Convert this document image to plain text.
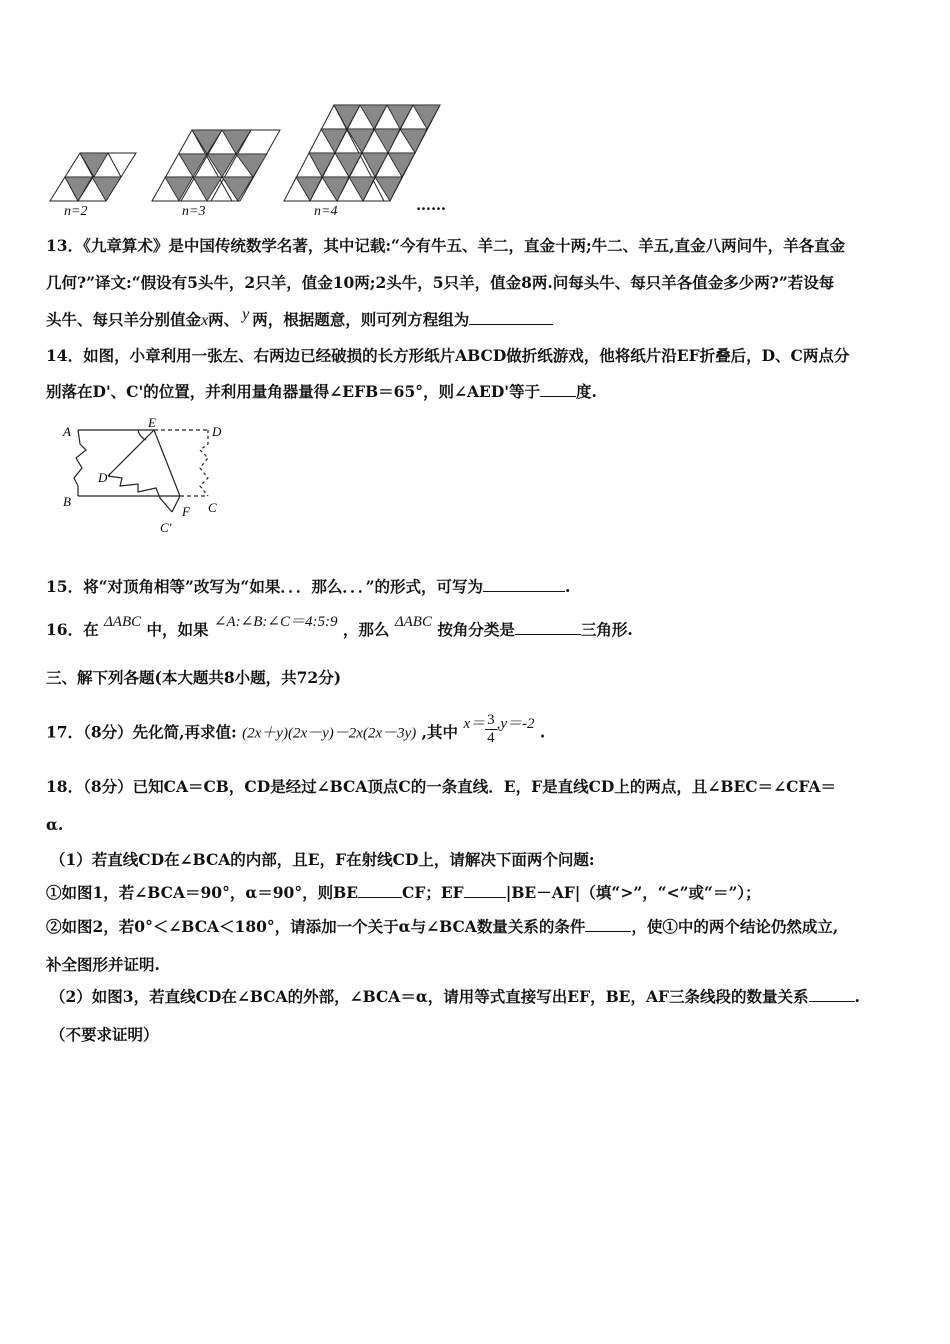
n=2	n=3	n=4	……
13．《九章算术》是中国传统数学名著，其中记载:“今有牛五、羊二，直金十两;牛二、羊五,直金八两问牛，羊各直金
几何?”译文:“假设有5头牛，2只羊，值金10两;2头牛，5只羊，值金8两.问每头牛、每只羊各值金多少两?”若设每
头牛、每只羊分别值金x两、 y 两，根据题意，则可列方程组为
14．如图，小章利用一张左、右两边已经破损的长方形纸片ABCD做折纸游戏，他将纸片沿EF折叠后，D、C两点分
别落在D'、C'的位置，并利用量角器量得∠EFB＝65°，则∠AED'等于 度.
A
E
D
D'
B
F C
C'
15．将“对顶角相等”改写为“如果．．．那么．．．”的形式，可写为	.
16．在 ΔABC 中，如果 ∠A:∠B:∠C＝4:5:9 ，那么 ΔABC 按角分类是	三角形.
三、解下列各题(本大题共8小题，共72分)
17．（8分）先化简,再求值: (2x＋y)(2x－y)－2x(2x－3y) ,其中 $x= \frac{3}{4} ,y=-2$ .
18．（8分）已知CA＝CB，CD是经过∠BCA顶点C的一条直线．E，F是直线CD上的两点，且∠BEC＝∠CFA＝
α.
（1）若直线CD在∠BCA的内部，且E，F在射线CD上，请解决下面两个问题:
①如图1，若∠BCA＝90°，α＝90°，则BE	CF；EF	|BE－AF|（填“>”，“<”或“＝”）；
②如图2，若0°＜∠BCA＜180°，请添加一个关于α与∠BCA数量关系的条件	，使①中的两个结论仍然成立,
补全图形并证明.
（2）如图3，若直线CD在∠BCA的外部，∠BCA＝α，请用等式直接写出EF，BE，AF三条线段的数量关系	.
（不要求证明）
